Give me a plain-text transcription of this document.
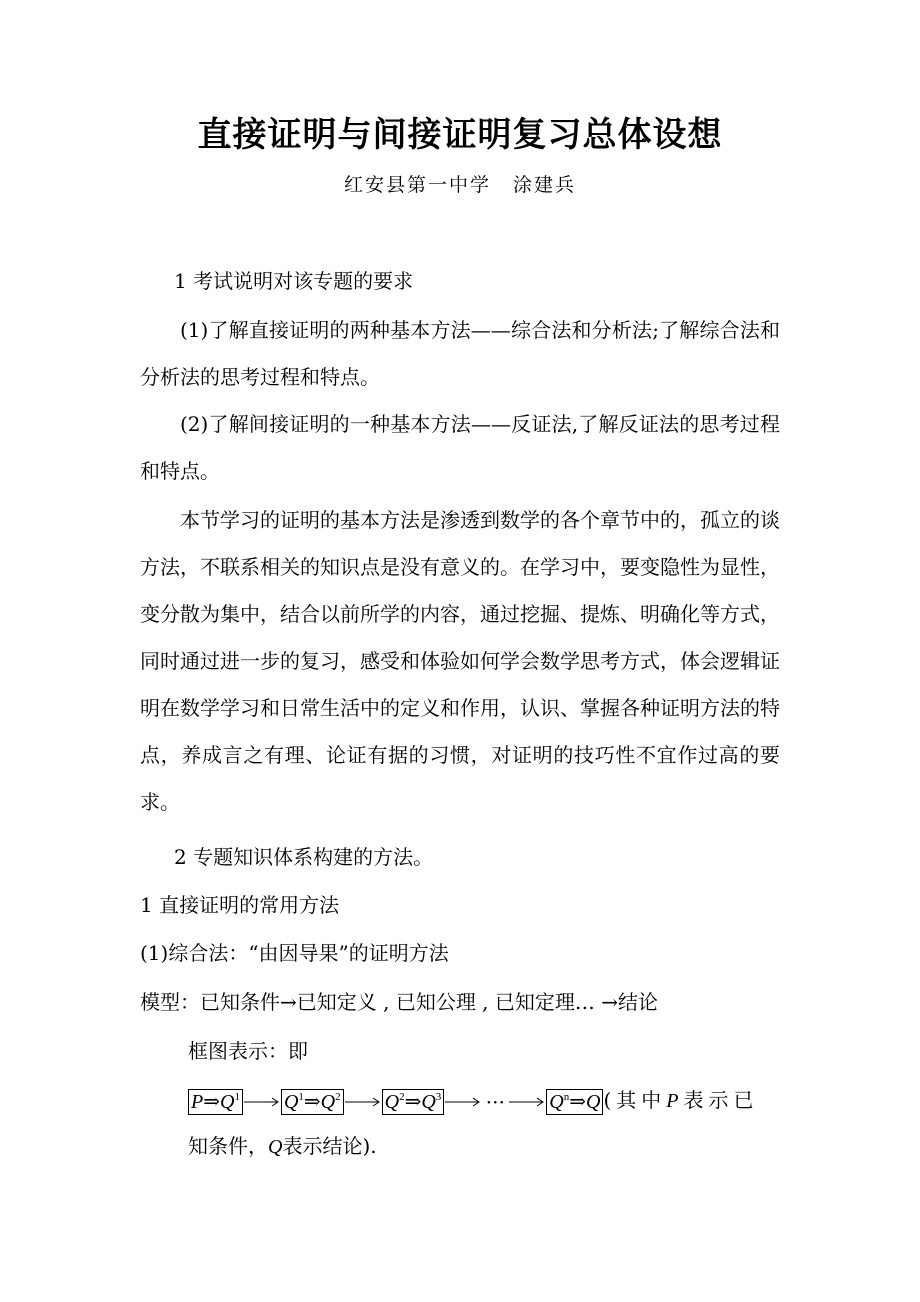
直接证明与间接证明复习总体设想
红安县第一中学 涂建兵
1 考试说明对该专题的要求
(1)了解直接证明的两种基本方法——综合法和分析法;了解综合法和分析法的思考过程和特点。
(2)了解间接证明的一种基本方法——反证法,了解反证法的思考过程和特点。
本节学习的证明的基本方法是渗透到数学的各个章节中的，孤立的谈方法，不联系相关的知识点是没有意义的。在学习中，要变隐性为显性，变分散为集中，结合以前所学的内容，通过挖掘、提炼、明确化等方式，同时通过进一步的复习，感受和体验如何学会数学思考方式，体会逻辑证明在数学学习和日常生活中的定义和作用，认识、掌握各种证明方法的特点，养成言之有理、论证有据的习惯，对证明的技巧性不宜作过高的要求。
2 专题知识体系构建的方法。
1 直接证明的常用方法
(1)综合法：“由因导果”的证明方法
模型：已知条件→已知定义 , 已知公理 , 已知定理… →结论
框图表示：即
$P\Rightarrow Q^1$ $Q^1\Rightarrow Q^2$ $Q^2\Rightarrow Q^3$ ··· $Q^n\Rightarrow Q$ (其中P表示已
知条件，Q表示结论).
